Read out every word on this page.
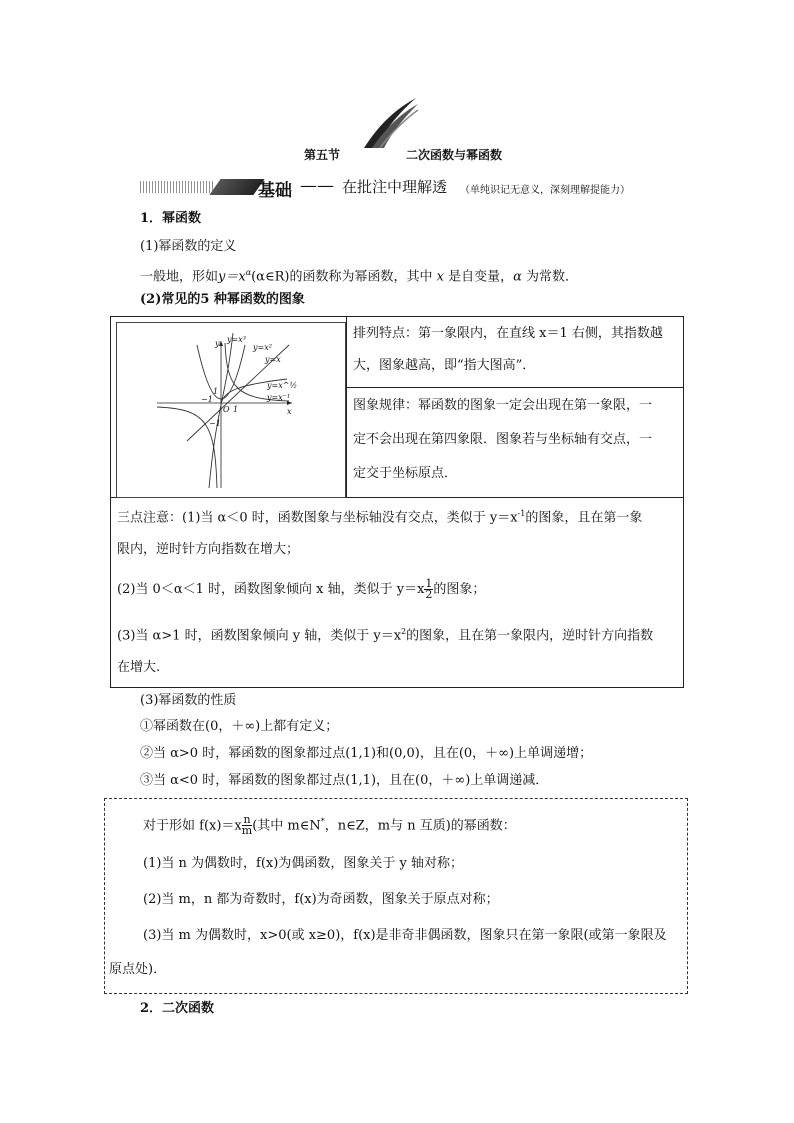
第五节	二次函数与幂函数
基础 —— 在批注中理解透 （单纯识记无意义，深刻理解提能力）
1．幂函数
(1)幂函数的定义
一般地，形如$y=x^\alpha(\alpha\in R)$的函数称为幂函数，其中 x 是自变量，α 为常数．
(2)常见的5 种幂函数的图象
y
x
y=x³
y=x²
y=x
y=x^½
y=x⁻¹
1
−1
O 1
−1
排列特点：第一象限内，在直线 x＝1 右侧，其指数越
大，图象越高，即“指大图高”．
图象规律：幂函数的图象一定会出现在第一象限，一
定不会出现在第四象限．图象若与坐标轴有交点，一
定交于坐标原点．
三点注意：(1)当 α＜0 时，函数图象与坐标轴没有交点，类似于 $y=x^{-1}$的图象，且在第一象
限内，逆时针方向指数在增大；
(2)当 0＜α＜1 时，函数图象倾向 x 轴，类似于 $y=x \frac{1}{2}$ 的图象；
(3)当 α>1 时，函数图象倾向 y 轴，类似于 $y=x^2$的图象，且在第一象限内，逆时针方向指数
在增大.
(3)幂函数的性质
①幂函数在(0，＋∞)上都有定义；
②当 α>0 时，幂函数的图象都过点(1,1)和(0,0)，且在(0，＋∞)上单调递增；
③当 α<0 时，幂函数的图象都过点(1,1)，且在(0，＋∞)上单调递减．
对于形如 $f(x)=x \frac{n}{m}$ (其中 m∈N*，n∈Z，m与 n 互质)的幂函数：
(1)当 n 为偶数时，f(x)为偶函数，图象关于 y 轴对称；
(2)当 m，n 都为奇数时，f(x)为奇函数，图象关于原点对称；
(3)当 m 为偶数时，x>0(或 x≥0)，f(x)是非奇非偶函数，图象只在第一象限(或第一象限及
原点处)．
2．二次函数
